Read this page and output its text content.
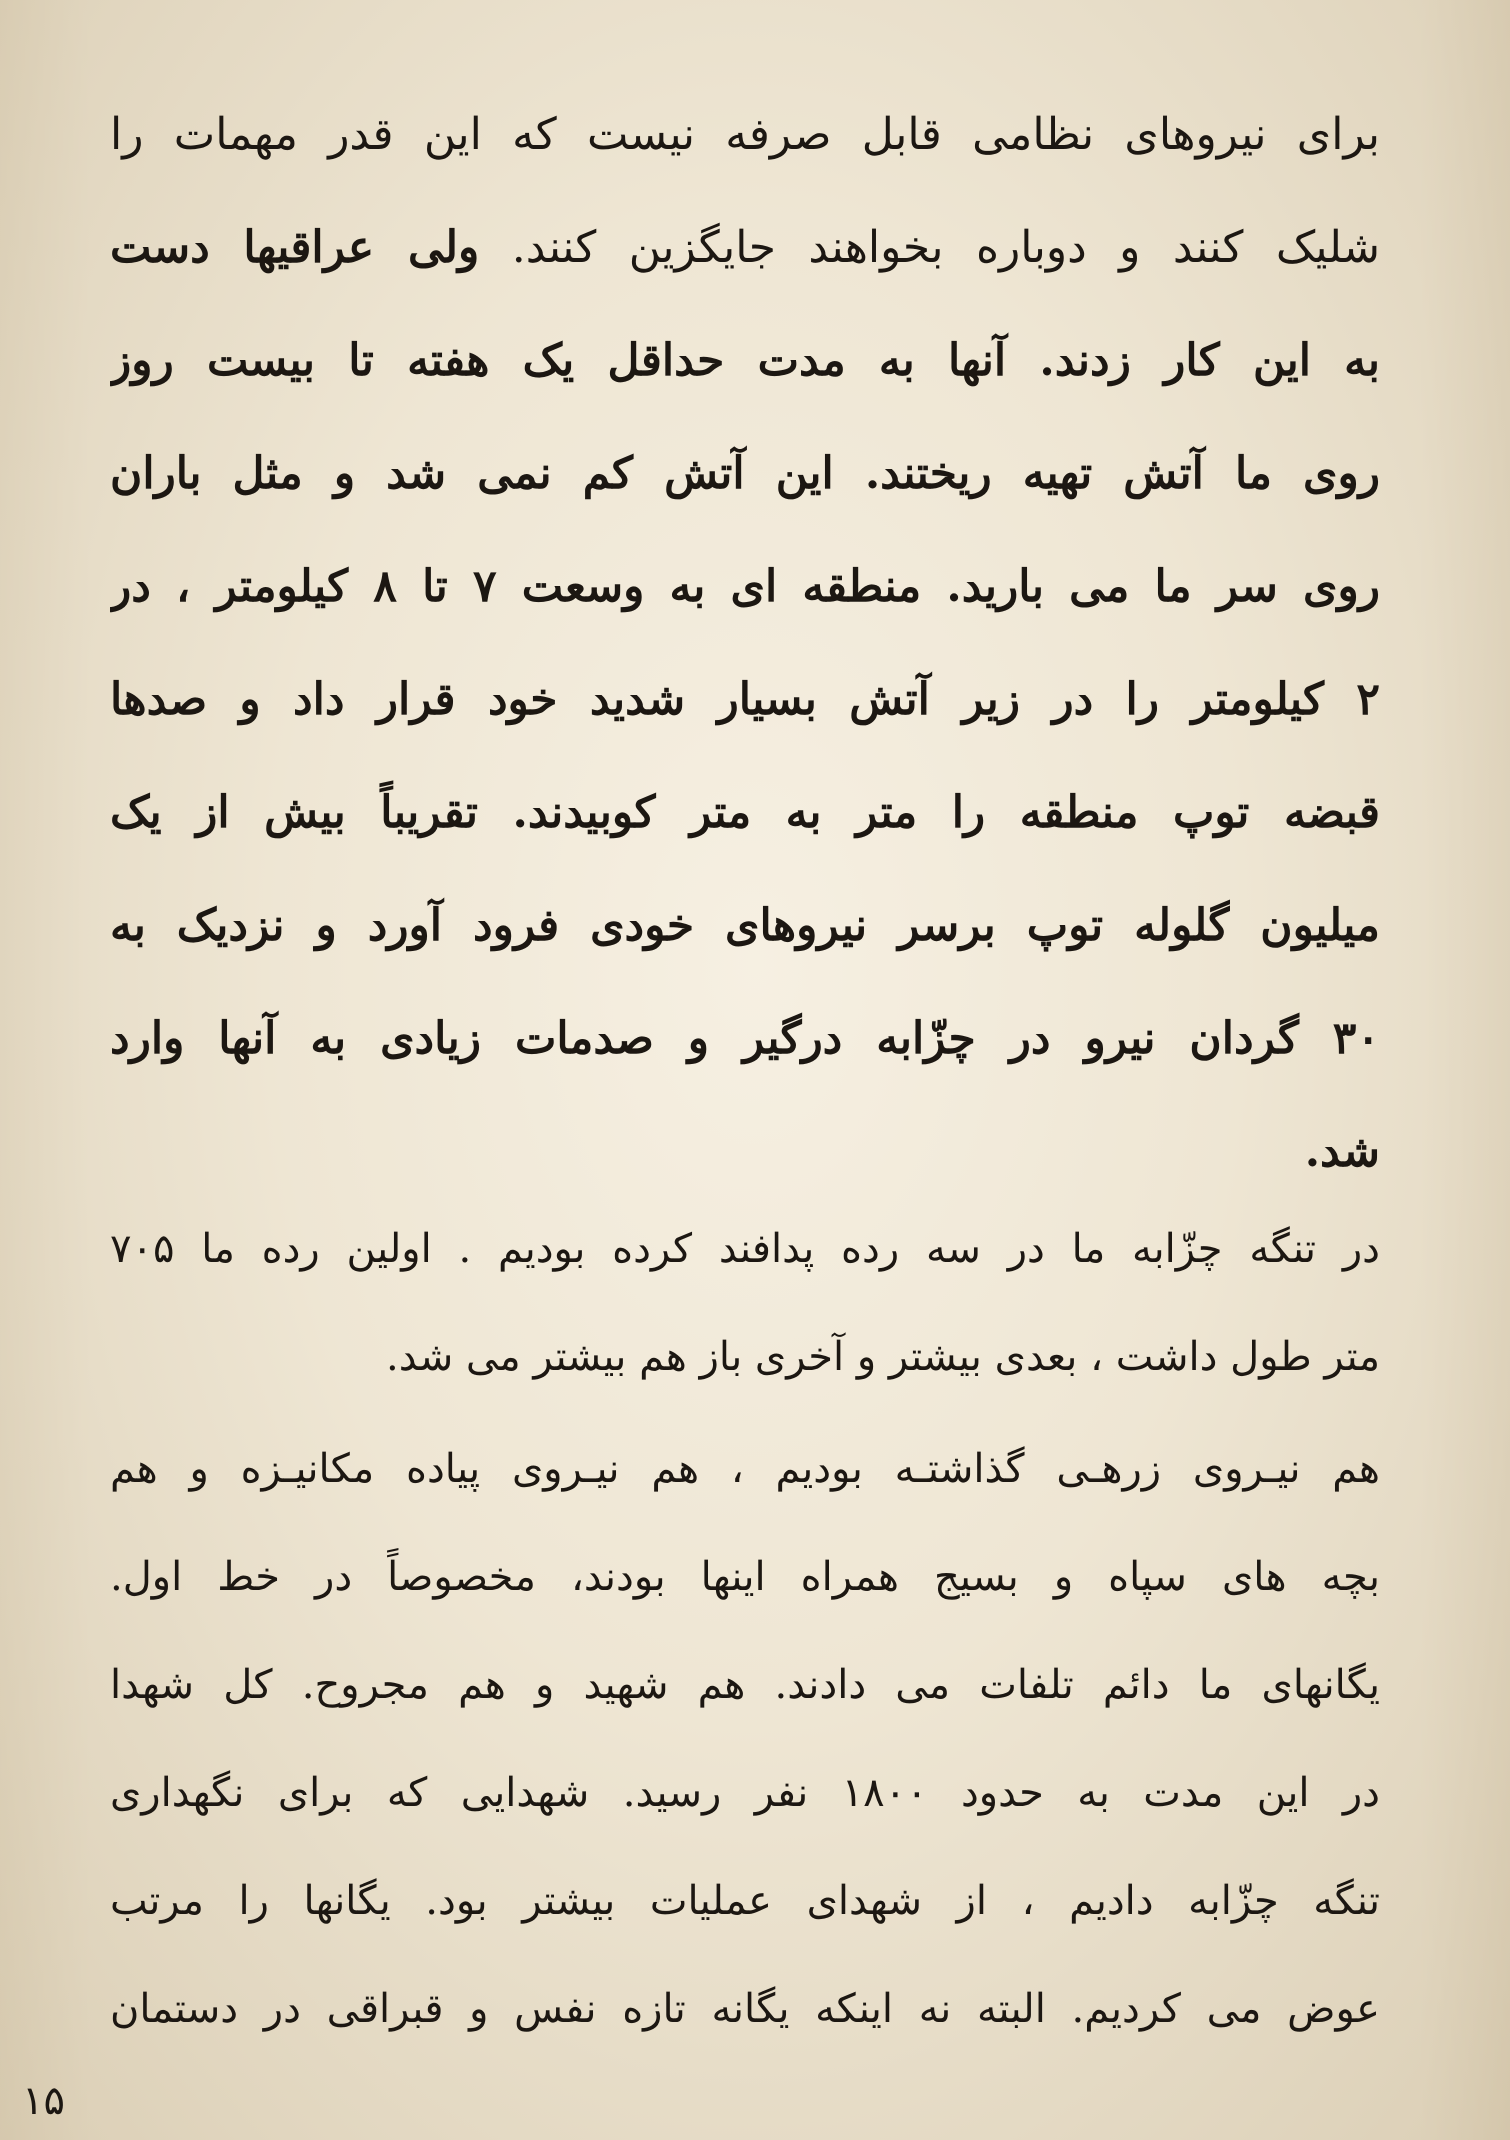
برای نیروهای نظامی قابل صرفه نیست که این قدر مهمات را
شلیک کنند و دوباره بخواهند جایگزین کنند. ولی عراقیها دست
به این کار زدند. آنها به مدت حداقل یک هفته تا بیست روز
روی ما آتش تهیه ریختند. این آتش کم نمی شد و مثل باران
روی سر ما می بارید. منطقه ای به وسعت ۷ تا ۸ کیلومتر ، در
۲ کیلومتر را در زیر آتش بسیار شدید خود قرار داد و صدها
قبضه توپ منطقه را متر به متر کوبیدند. تقریباً بیش از یک
میلیون گلوله توپ برسر نیروهای خودی فرود آورد و نزدیک به
۳۰ گردان نیرو در چزّابه درگیر و صدمات زیادی به آنها وارد
شد.
در تنگه چزّابه ما در سه رده پدافند کرده بودیم . اولین رده ما ۷۰۵
متر طول داشت ، بعدی بیشتر و آخری باز هم بیشتر می شد.
هم نیـروی زرهـی گذاشتـه بودیم ، هم نیـروی پیاده مکانیـزه و هم
بچه های سپاه و بسیج همراه اینها بودند، مخصوصاً در خط اول.
یگانهای ما دائم تلفات می دادند. هم شهید و هم مجروح. کل شهدا
در این مدت به حدود ۱۸۰۰ نفر رسید. شهدایی که برای نگهداری
تنگه چزّابه دادیم ، از شهدای عملیات بیشتر بود. یگانها را مرتب
عوض می کردیم. البته نه اینکه یگانه تازه نفس و قبراقی در دستمان
۱۵
